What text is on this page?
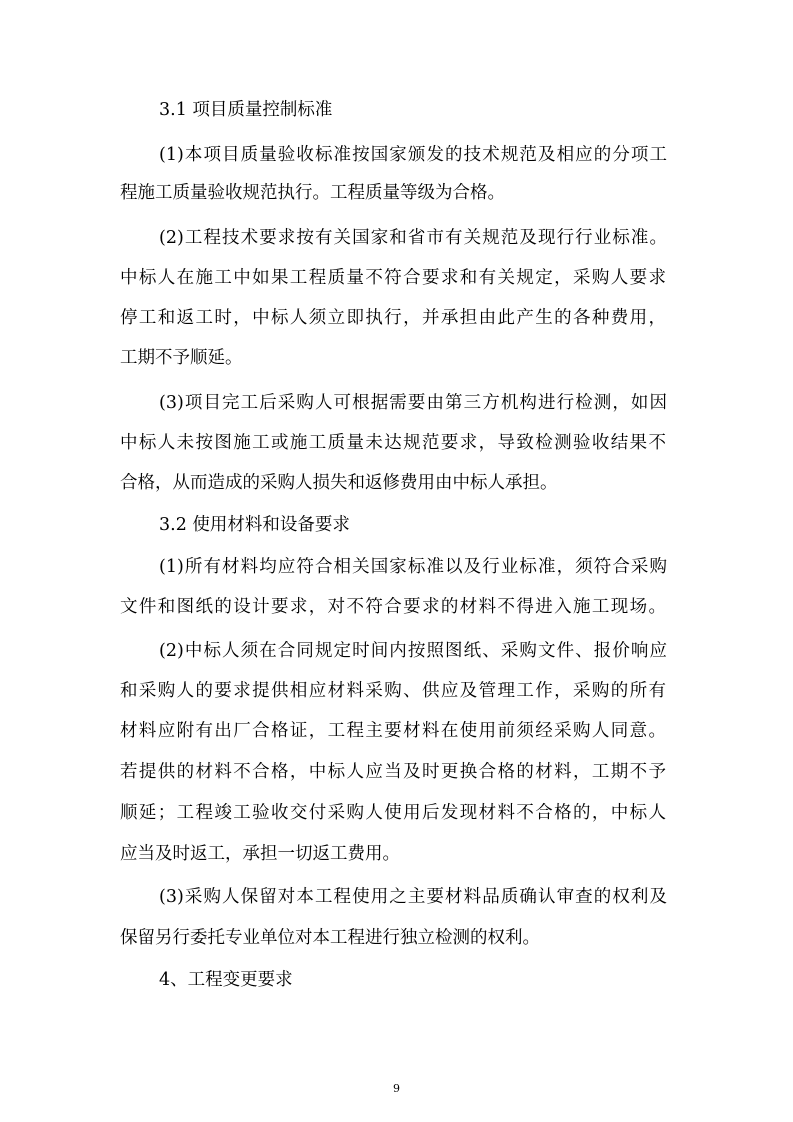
3.1 项目质量控制标准
(1)本项目质量验收标准按国家颁发的技术规范及相应的分项工
程施工质量验收规范执行。工程质量等级为合格。
(2)工程技术要求按有关国家和省市有关规范及现行行业标准。
中标人在施工中如果工程质量不符合要求和有关规定，采购人要求
停工和返工时，中标人须立即执行，并承担由此产生的各种费用，
工期不予顺延。
(3)项目完工后采购人可根据需要由第三方机构进行检测，如因
中标人未按图施工或施工质量未达规范要求，导致检测验收结果不
合格，从而造成的采购人损失和返修费用由中标人承担。
3.2 使用材料和设备要求
(1)所有材料均应符合相关国家标准以及行业标准，须符合采购
文件和图纸的设计要求，对不符合要求的材料不得进入施工现场。
(2)中标人须在合同规定时间内按照图纸、采购文件、报价响应
和采购人的要求提供相应材料采购、供应及管理工作，采购的所有
材料应附有出厂合格证，工程主要材料在使用前须经采购人同意。
若提供的材料不合格，中标人应当及时更换合格的材料，工期不予
顺延；工程竣工验收交付采购人使用后发现材料不合格的，中标人
应当及时返工，承担一切返工费用。
(3)采购人保留对本工程使用之主要材料品质确认审查的权利及
保留另行委托专业单位对本工程进行独立检测的权利。
4、工程变更要求
9
